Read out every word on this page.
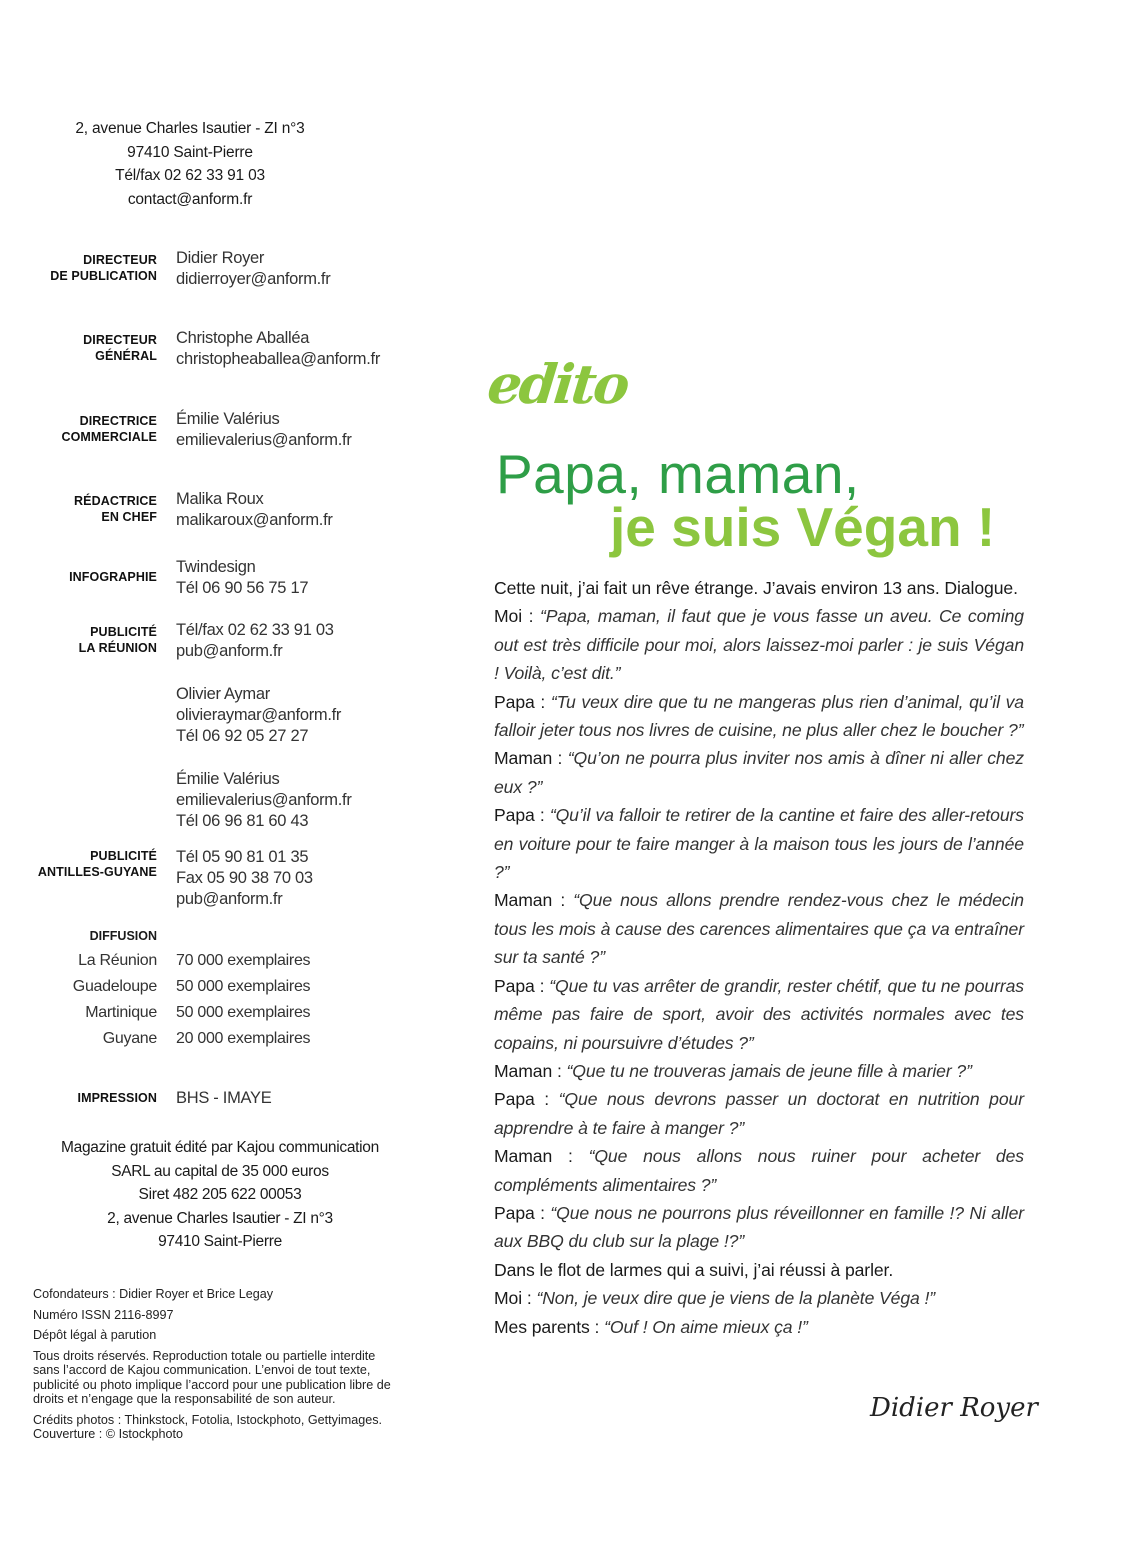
2, avenue Charles Isautier - ZI n°3
97410 Saint-Pierre
Tél/fax 02 62 33 91 03
contact@anform.fr
DIRECTEUR
DE PUBLICATION
Didier Royer
didierroyer@anform.fr
DIRECTEUR
GÉNÉRAL
Christophe Aballéa
christopheaballea@anform.fr
DIRECTRICE
COMMERCIALE
Émilie Valérius
emilievalerius@anform.fr
RÉDACTRICE
EN CHEF
Malika Roux
malikaroux@anform.fr
INFOGRAPHIE
Twindesign
Tél 06 90 56 75 17
PUBLICITÉ
LA RÉUNION
Tél/fax 02 62 33 91 03
pub@anform.fr
Olivier Aymar
olivieraymar@anform.fr
Tél 06 92 05 27 27
Émilie Valérius
emilievalerius@anform.fr
Tél 06 96 81 60 43
PUBLICITÉ
ANTILLES-GUYANE
Tél 05 90 81 01 35
Fax 05 90 38 70 03
pub@anform.fr
DIFFUSION
La Réunion 70 000 exemplaires
Guadeloupe 50 000 exemplaires
Martinique 50 000 exemplaires
Guyane 20 000 exemplaires
IMPRESSION BHS - IMAYE
Magazine gratuit édité par Kajou communication
SARL au capital de 35 000 euros
Siret 482 205 622 00053
2, avenue Charles Isautier - ZI n°3
97410 Saint-Pierre

Cofondateurs : Didier Royer et Brice Legay

Numéro ISSN 2116-8997

Dépôt légal à parution

Tous droits réservés. Reproduction totale ou partielle interdite sans l’accord de Kajou communication. L’envoi de tout texte, publicité ou photo implique l’accord pour une publication libre de droits et n’engage que la responsabilité de son auteur.

Crédits photos : Thinkstock, Fotolia, Istockphoto, Gettyimages. Couverture : © Istockphoto

edito
Papa, maman,
je suis Végan !

Cette nuit, j’ai fait un rêve étrange. J’avais environ 13 ans. Dialogue.

Moi : “Papa, maman, il faut que je vous fasse un aveu. Ce coming out est très difficile pour moi, alors laissez-moi parler : je suis Végan ! Voilà, c’est dit.”

Papa : “Tu veux dire que tu ne mangeras plus rien d’animal, qu’il va falloir jeter tous nos livres de cuisine, ne plus aller chez le boucher ?”

Maman : “Qu’on ne pourra plus inviter nos amis à dîner ni aller chez eux ?”

Papa : “Qu’il va falloir te retirer de la cantine et faire des aller-retours en voiture pour te faire manger à la maison tous les jours de l’année ?”

Maman : “Que nous allons prendre rendez-vous chez le médecin tous les mois à cause des carences alimentaires que ça va entraîner sur ta santé ?”

Papa : “Que tu vas arrêter de grandir, rester chétif, que tu ne pourras même pas faire de sport, avoir des activités normales avec tes copains, ni poursuivre d’études ?”

Maman : “Que tu ne trouveras jamais de jeune fille à marier ?”

Papa : “Que nous devrons passer un doctorat en nutrition pour apprendre à te faire à manger ?”

Maman : “Que nous allons nous ruiner pour acheter des compléments alimentaires ?”

Papa : “Que nous ne pourrons plus réveillonner en famille !? Ni aller aux BBQ du club sur la plage !?”

Dans le flot de larmes qui a suivi, j’ai réussi à parler.

Moi : “Non, je veux dire que je viens de la planète Véga !”

Mes parents : “Ouf ! On aime mieux ça !”

Didier Royer
